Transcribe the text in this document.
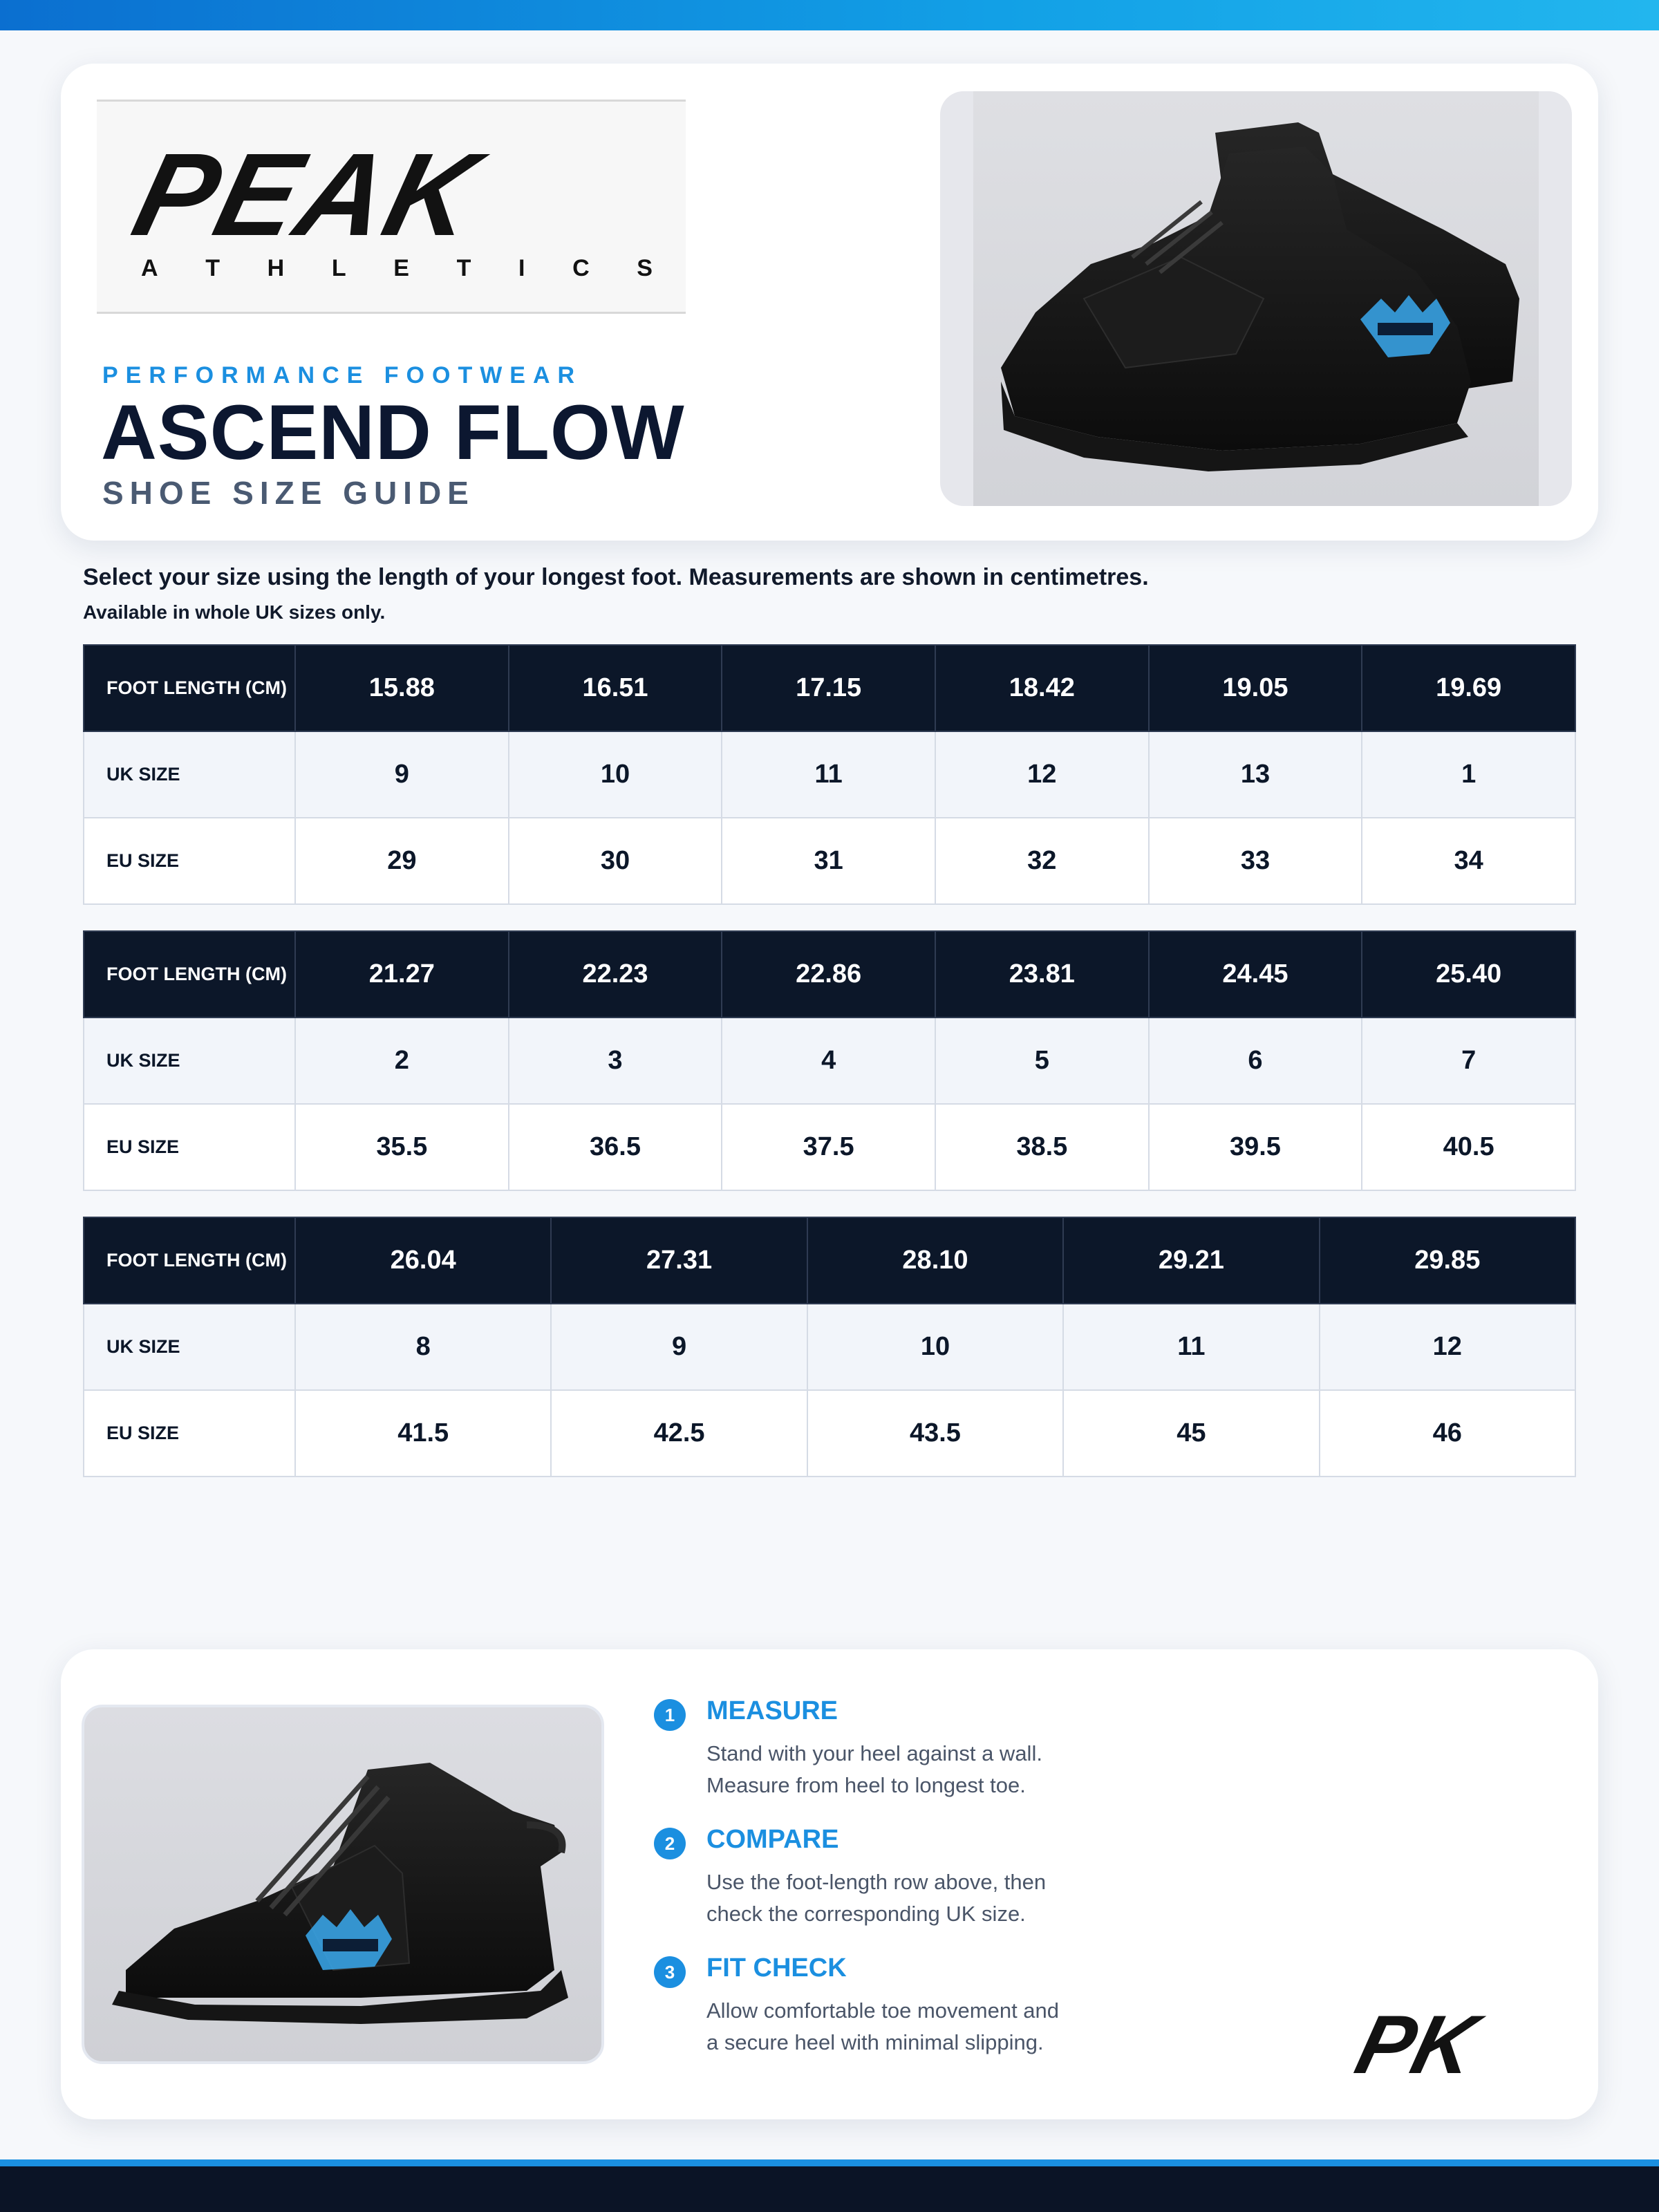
PEAK
A T H L E T I C S
PERFORMANCE FOOTWEAR
ASCEND FLOW
SHOE SIZE GUIDE
Select your size using the length of your longest foot. Measurements are shown in centimetres.
Available in whole UK sizes only.
FOOT LENGTH (CM)	15.88	16.51	17.15	18.42	19.05	19.69
UK SIZE	9	10	11	12	13	1
EU SIZE	29	30	31	32	33	34
FOOT LENGTH (CM)	21.27	22.23	22.86	23.81	24.45	25.40
UK SIZE	2	3	4	5	6	7
EU SIZE	35.5	36.5	37.5	38.5	39.5	40.5
FOOT LENGTH (CM)	26.04	27.31	28.10	29.21	29.85
UK SIZE	8	9	10	11	12
EU SIZE	41.5	42.5	43.5	45	46
1	MEASURE
Stand with your heel against a wall.
Measure from heel to longest toe.
2	COMPARE
Use the foot-length row above, then
check the corresponding UK size.
3	FIT CHECK
Allow comfortable toe movement and
a secure heel with minimal slipping.	PK
